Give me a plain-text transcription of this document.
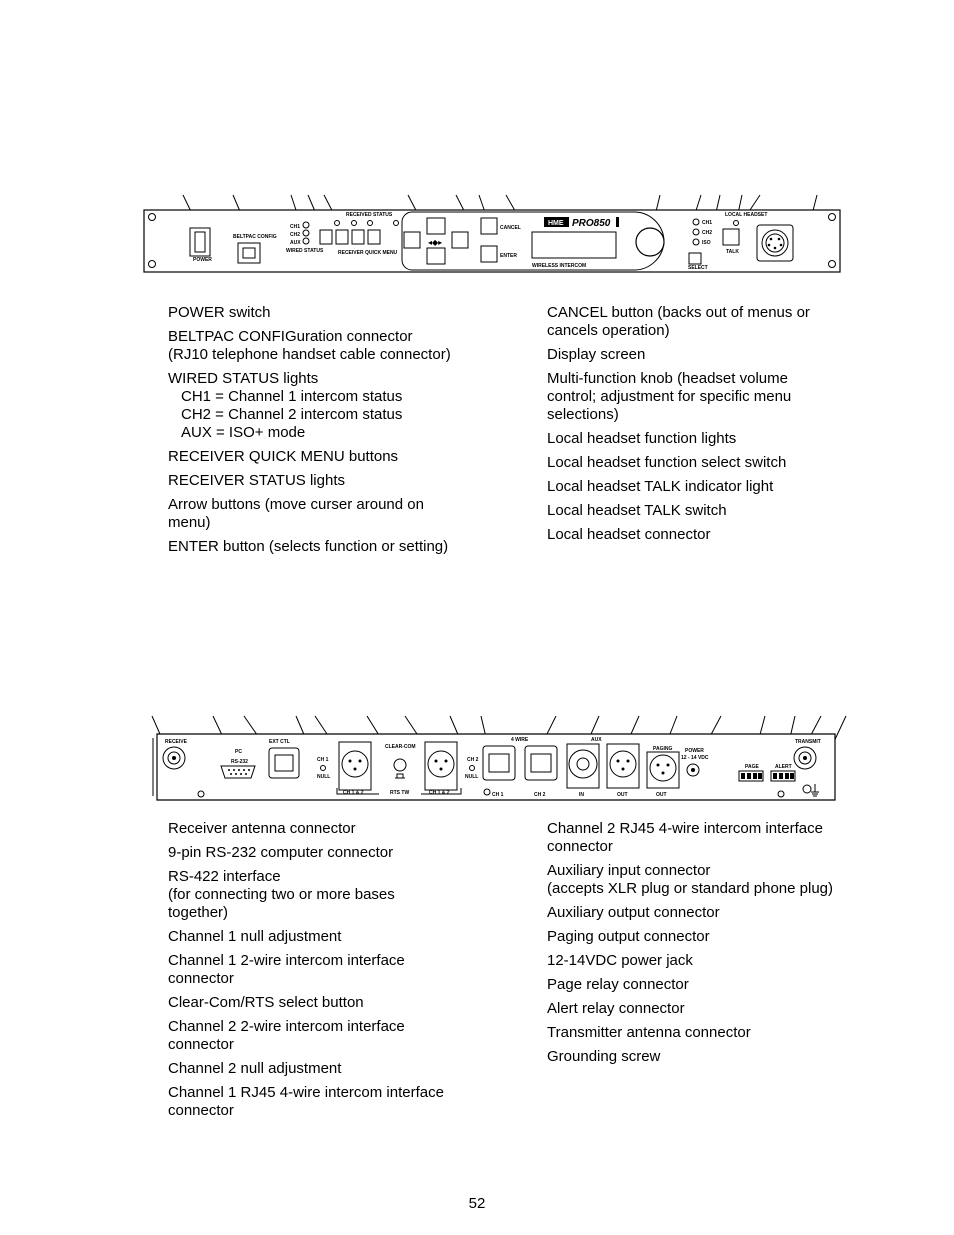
POWER
BELTPAC CONFIG
CH1
CH2
AUX
WIRED STATUS
RECEIVED STATUS
RECEIVER QUICK MENU
◂◆▸
CANCEL
ENTER
HME PRO850
WIRELESS INTERCOM
CH1
CH2
ISO
SELECT
LOCAL HEADSET
TALK
POWER switch
BELTPAC CONFIGuration connector
(RJ10 telephone handset cable connector)
WIRED STATUS lights
CH1 = Channel 1 intercom status
CH2 = Channel 2 intercom status
AUX = ISO+ mode
RECEIVER QUICK MENU buttons
RECEIVER STATUS lights
Arrow buttons (move curser around on
menu)
ENTER button (selects function or setting)
CANCEL button (backs out of menus or
cancels operation)
Display screen
Multi-function knob (headset volume
control; adjustment for specific menu
selections)
Local headset function lights
Local headset function select switch
Local headset TALK indicator light
Local headset TALK switch
Local headset connector
RECEIVE
PC
RS-232
EXT CTL
CH 1
NULL
CLEAR-COM
RTS TW
CH 1 & 2	CH 1 & 2
CH 2
NULL
4 WIRE
CH 1	CH 2
AUX
IN	OUT
PAGING
OUT
POWER
12 - 14 VDC
PAGE	ALERT
TRANSMIT
Receiver antenna connector
9-pin RS-232 computer connector
RS-422 interface
(for connecting two or more bases
together)
Channel 1 null adjustment
Channel 1 2-wire intercom interface
connector
Clear-Com/RTS select button
Channel 2 2-wire intercom interface
connector
Channel 2 null adjustment
Channel 1 RJ45 4-wire intercom interface
connector
Channel 2 RJ45 4-wire intercom interface
connector
Auxiliary input connector
(accepts XLR plug or standard phone plug)
Auxiliary output connector
Paging output connector
12-14VDC power jack
Page relay connector
Alert relay connector
Transmitter antenna connector
Grounding screw
52
